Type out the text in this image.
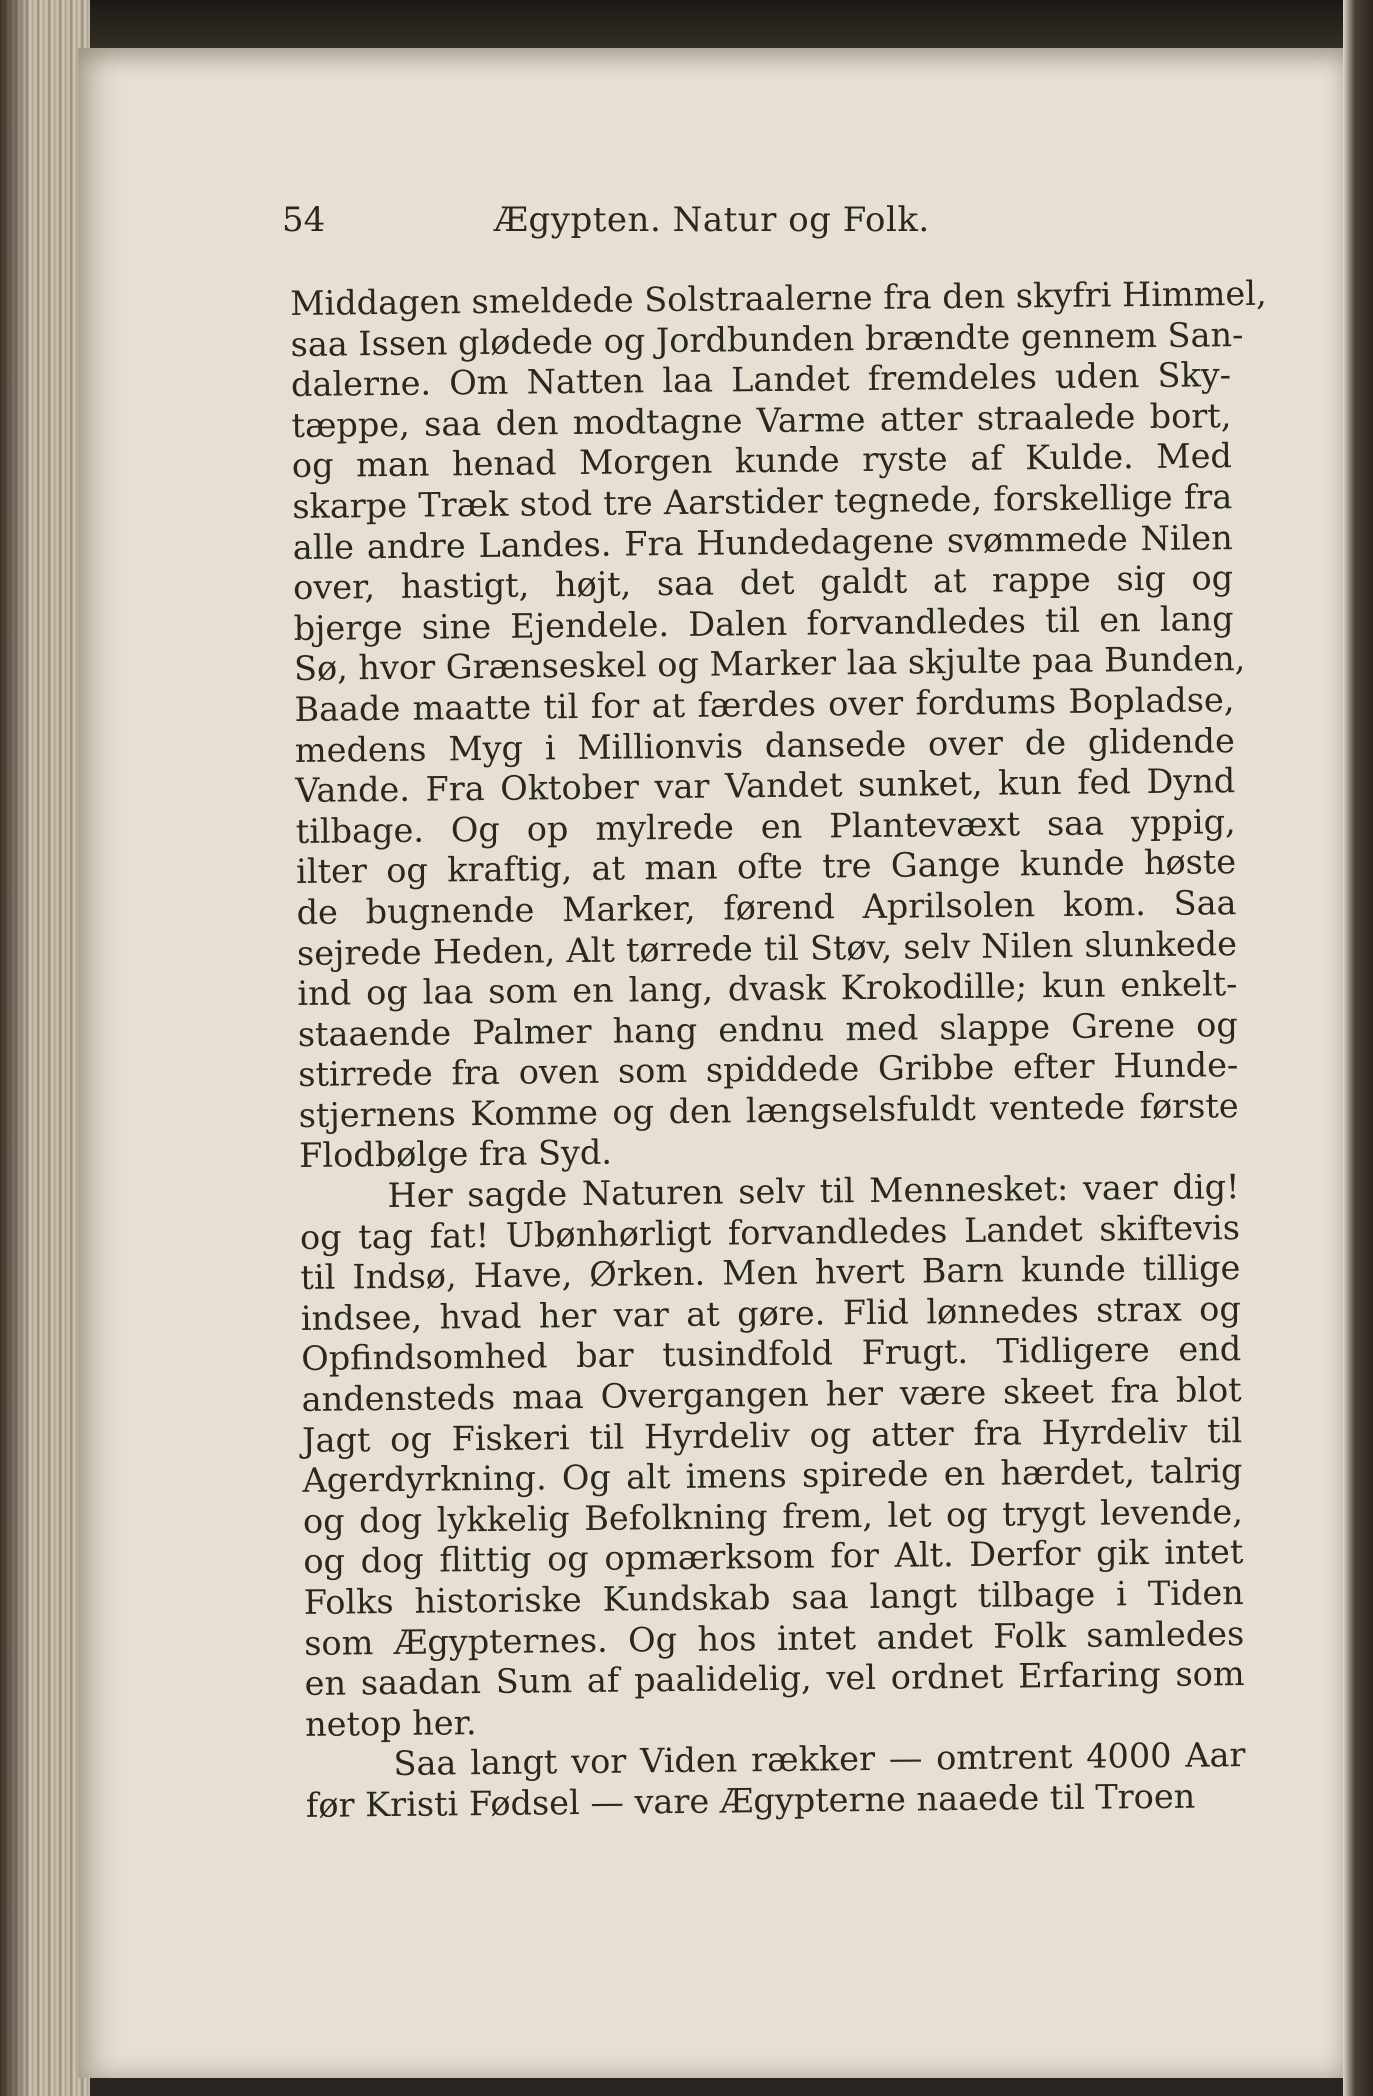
54	Ægypten. Natur og Folk.
Middagen smeldede Solstraalerne fra den skyfri Himmel,
saa Issen glødede og Jordbunden brændte gennem San-
dalerne. Om Natten laa Landet fremdeles uden Sky-
tæppe, saa den modtagne Varme atter straalede bort,
og man henad Morgen kunde ryste af Kulde. Med
skarpe Træk stod tre Aarstider tegnede, forskellige fra
alle andre Landes. Fra Hundedagene svømmede Nilen
over, hastigt, højt, saa det galdt at rappe sig og
bjerge sine Ejendele. Dalen forvandledes til en lang
Sø, hvor Grænseskel og Marker laa skjulte paa Bunden,
Baade maatte til for at færdes over fordums Bopladse,
medens Myg i Millionvis dansede over de glidende
Vande. Fra Oktober var Vandet sunket, kun fed Dynd
tilbage. Og op mylrede en Plantevæxt saa yppig,
ilter og kraftig, at man ofte tre Gange kunde høste
de bugnende Marker, førend Aprilsolen kom. Saa
sejrede Heden, Alt tørrede til Støv, selv Nilen slunkede
ind og laa som en lang, dvask Krokodille; kun enkelt-
staaende Palmer hang endnu med slappe Grene og
stirrede fra oven som spiddede Gribbe efter Hunde-
stjernens Komme og den længselsfuldt ventede første
Flodbølge fra Syd.
Her sagde Naturen selv til Mennesket: vaer dig!
og tag fat! Ubønhørligt forvandledes Landet skiftevis
til Indsø, Have, Ørken. Men hvert Barn kunde tillige
indsee, hvad her var at gøre. Flid lønnedes strax og
Opfindsomhed bar tusindfold Frugt. Tidligere end
andensteds maa Overgangen her være skeet fra blot
Jagt og Fiskeri til Hyrdeliv og atter fra Hyrdeliv til
Agerdyrkning. Og alt imens spirede en hærdet, talrig
og dog lykkelig Befolkning frem, let og trygt levende,
og dog flittig og opmærksom for Alt. Derfor gik intet
Folks historiske Kundskab saa langt tilbage i Tiden
som Ægypternes. Og hos intet andet Folk samledes
en saadan Sum af paalidelig, vel ordnet Erfaring som
netop her.
Saa langt vor Viden rækker — omtrent 4000 Aar
før Kristi Fødsel — vare Ægypterne naaede til Troen
